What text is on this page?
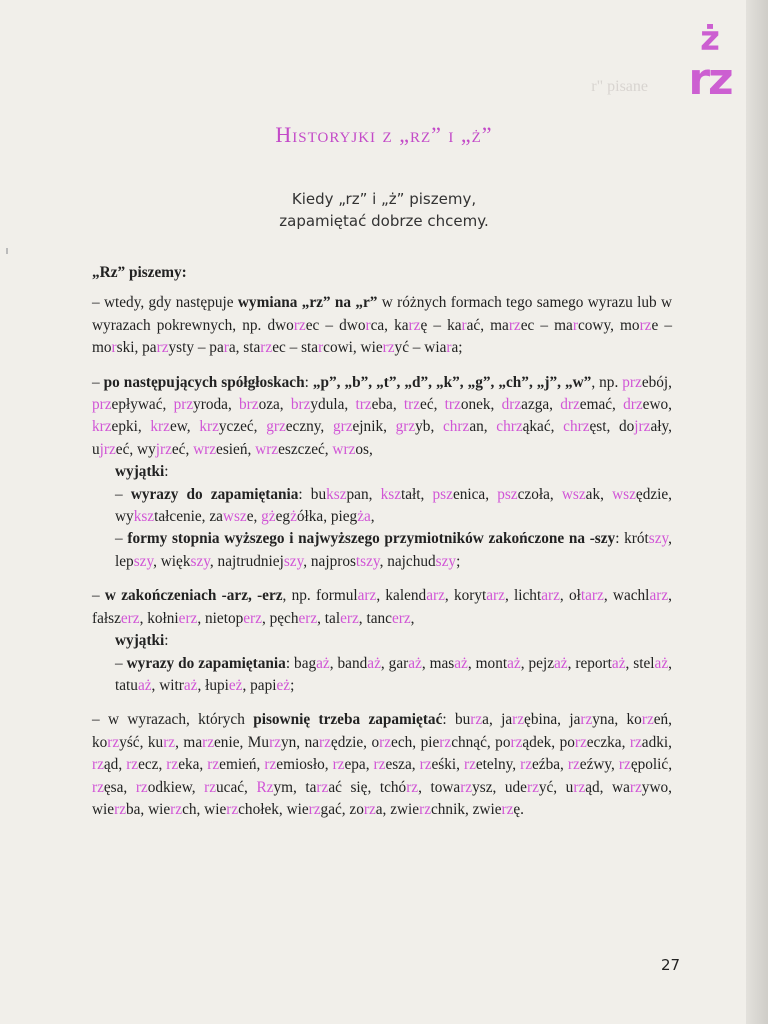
ż
rz
r" pisane
Historyjki z „rz” i „ż”
Kiedy „rz” i „ż” piszemy,
zapamiętać dobrze chcemy.

„Rz” piszemy:

– wtedy, gdy następuje wymiana „rz” na „r” w różnych formach tego samego wyrazu lub w wyrazach pokrewnych, np. dworzec – dworca, karzę – karać, marzec – marcowy, morze – morski, parzysty – para, starzec – starcowi, wierzyć – wiara;

– po następujących spółgłoskach: „p”, „b”, „t”, „d”, „k”, „g”, „ch”, „j”, „w”, np. przebój, przepływać, przyroda, brzoza, brzydula, trzeba, trzeć, trzonek, drzazga, drzemać, drzewo, krzepki, krzew, krzyczeć, grzeczny, grzejnik, grzyb, chrzan, chrząkać, chrzęst, dojrzały, ujrzeć, wyjrzeć, wrzesień, wrzeszczeć, wrzos,

wyjątki:

– wyrazy do zapamiętania: bukszpan, kształt, pszenica, pszczoła, wszak, wszędzie, wykształcenie, zawsze, gżegżółka, piegża,

– formy stopnia wyższego i najwyższego przymiotników zakończone na -szy: krótszy, lepszy, większy, najtrudniejszy, najprostszy, najchudszy;

– w zakończeniach -arz, -erz, np. formularz, kalendarz, korytarz, lichtarz, ołtarz, wachlarz, fałszerz, kołnierz, nietoperz, pęcherz, talerz, tancerz,

wyjątki:

– wyrazy do zapamiętania: bagaż, bandaż, garaż, masaż, montaż, pejzaż, reportaż, stelaż, tatuaż, witraż, łupież, papież;

– w wyrazach, których pisownię trzeba zapamiętać: burza, jarzębina, jarzyna, korzeń, korzyść, kurz, marzenie, Murzyn, narzędzie, orzech, pierzchnąć, porządek, porzeczka, rzadki, rząd, rzecz, rzeka, rzemień, rzemiosło, rzepa, rzesza, rześki, rzetelny, rzeźba, rzeźwy, rzępolić, rzęsa, rzodkiew, rzucać, Rzym, tarzać się, tchórz, towarzysz, uderzyć, urząd, warzywo, wierzba, wierzch, wierzchołek, wierzgać, zorza, zwierzchnik, zwierzę.

27
